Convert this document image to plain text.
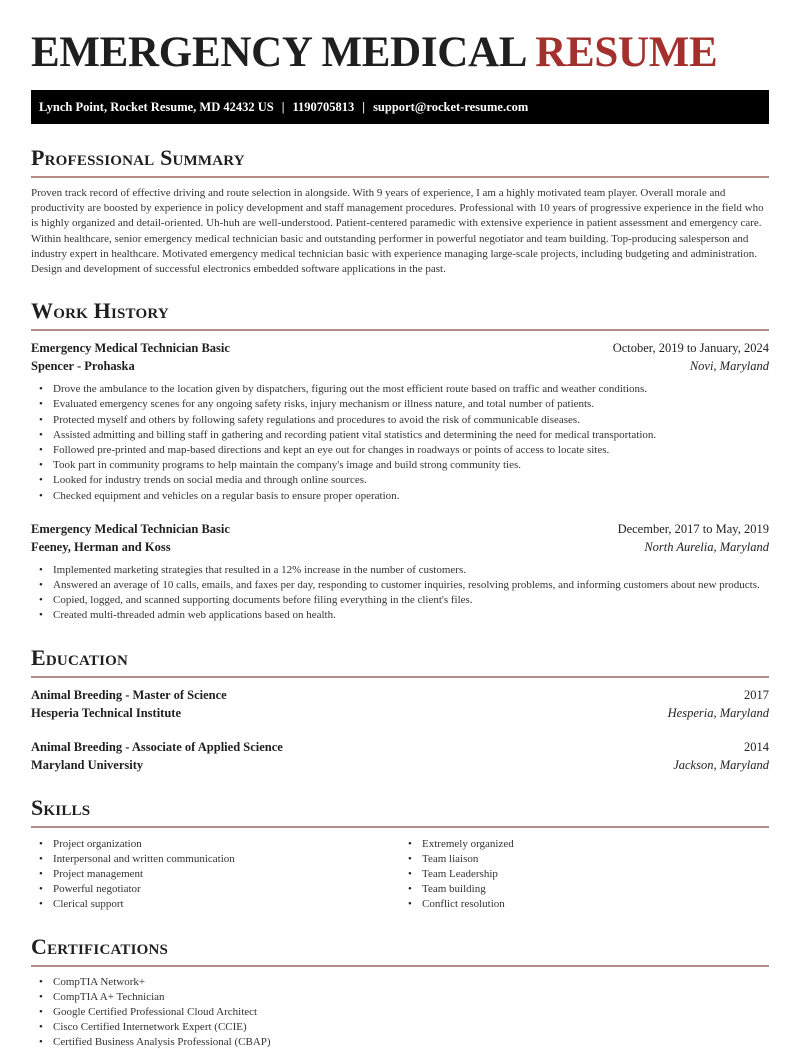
EMERGENCY MEDICAL RESUME
Lynch Point, Rocket Resume, MD 42432 US | 1190705813 | support@rocket-resume.com
Professional Summary

Proven track record of effective driving and route selection in alongside. With 9 years of experience, I am a highly motivated team player. Overall morale and productivity are boosted by experience in policy development and staff management procedures. Professional with 10 years of progressive experience in the field who is highly organized and detail-oriented. Uh-huh are well-understood. Patient-centered paramedic with extensive experience in patient assessment and emergency care. Within healthcare, senior emergency medical technician basic and outstanding performer in powerful negotiator and team building. Top-producing salesperson and industry expert in healthcare. Motivated emergency medical technician basic with experience managing large-scale projects, including budgeting and administration. Design and development of successful electronics embedded software applications in the past.

Work History
Emergency Medical Technician Basic	October, 2019 to January, 2024
Spencer - Prohaska	Novi, Maryland
• Drove the ambulance to the location given by dispatchers, figuring out the most efficient route based on traffic and weather conditions.
• Evaluated emergency scenes for any ongoing safety risks, injury mechanism or illness nature, and total number of patients.
• Protected myself and others by following safety regulations and procedures to avoid the risk of communicable diseases.
• Assisted admitting and billing staff in gathering and recording patient vital statistics and determining the need for medical transportation.
• Followed pre-printed and map-based directions and kept an eye out for changes in roadways or points of access to locate sites.
• Took part in community programs to help maintain the company's image and build strong community ties.
• Looked for industry trends on social media and through online sources.
• Checked equipment and vehicles on a regular basis to ensure proper operation.
Emergency Medical Technician Basic	December, 2017 to May, 2019
Feeney, Herman and Koss	North Aurelia, Maryland
• Implemented marketing strategies that resulted in a 12% increase in the number of customers.
• Answered an average of 10 calls, emails, and faxes per day, responding to customer inquiries, resolving problems, and informing customers about new products.
• Copied, logged, and scanned supporting documents before filing everything in the client's files.
• Created multi-threaded admin web applications based on health.
Education
Animal Breeding - Master of Science	2017
Hesperia Technical Institute	Hesperia, Maryland
Animal Breeding - Associate of Applied Science	2014
Maryland University	Jackson, Maryland
Skills
• Project organization
• Interpersonal and written communication
• Project management
• Powerful negotiator
• Clerical support
• Extremely organized
• Team liaison
• Team Leadership
• Team building
• Conflict resolution
Certifications
• CompTIA Network+
• CompTIA A+ Technician
• Google Certified Professional Cloud Architect
• Cisco Certified Internetwork Expert (CCIE)
• Certified Business Analysis Professional (CBAP)
